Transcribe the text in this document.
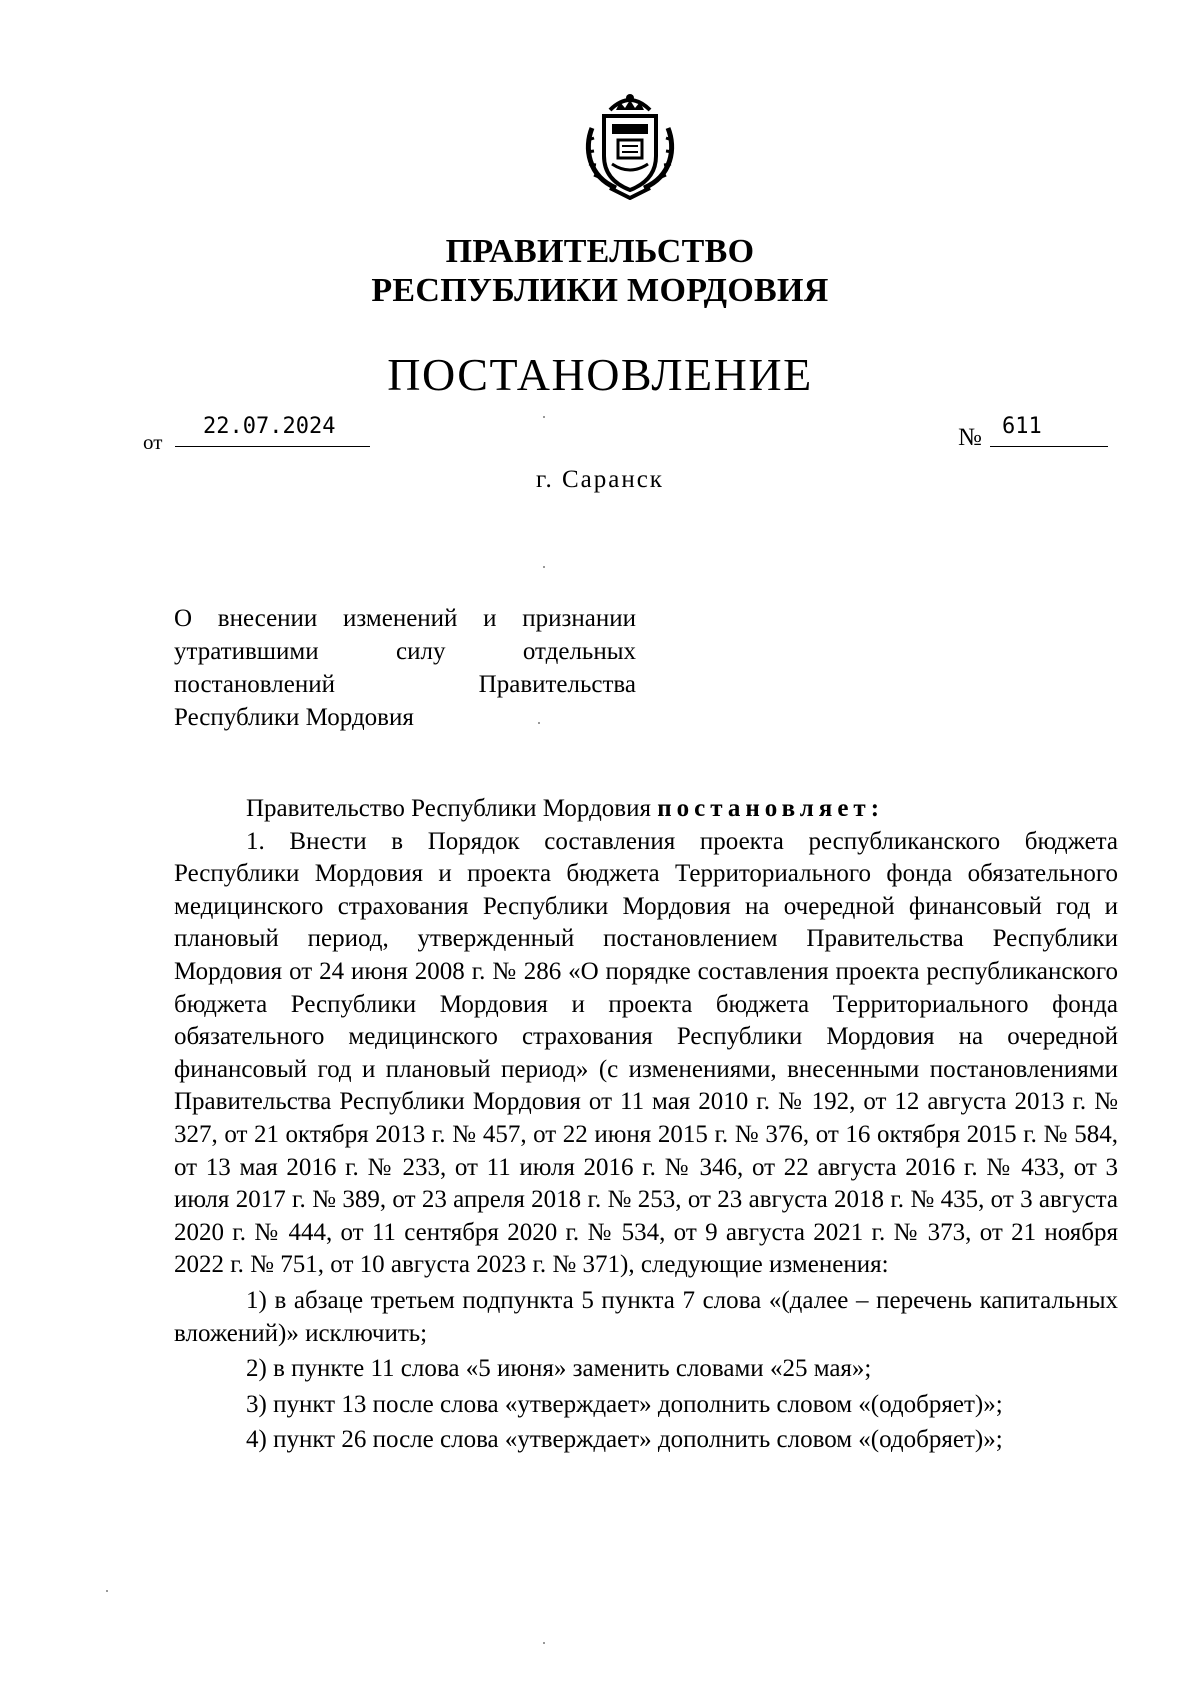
ПРАВИТЕЛЬСТВО
РЕСПУБЛИКИ МОРДОВИЯ
ПОСТАНОВЛЕНИЕ
от
22.07.2024	№ 611
г. Саранск
О внесении изменений и признании
утратившими силу отдельных
постановлений Правительства
Республики Мордовия

Правительство Республики Мордовия постановляет:

1. Внести в Порядок составления проекта республиканского бюджета Республики Мордовия и проекта бюджета Территориального фонда обязательного медицинского страхования Республики Мордовия на очередной финансовый год и плановый период, утвержденный постановлением Правительства Республики Мордовия от 24 июня 2008 г. № 286 «О порядке составления проекта республиканского бюджета Республики Мордовия и проекта бюджета Территориального фонда обязательного медицинского страхования Республики Мордовия на очередной финансовый год и плановый период» (с изменениями, внесенными постановлениями Правительства Республики Мордовия от 11 мая 2010 г. № 192, от 12 августа 2013 г. № 327, от 21 октября 2013 г. № 457, от 22 июня 2015 г. № 376, от 16 октября 2015 г. № 584, от 13 мая 2016 г. № 233, от 11 июля 2016 г. № 346, от 22 августа 2016 г. № 433, от 3 июля 2017 г. № 389, от 23 апреля 2018 г. № 253, от 23 августа 2018 г. № 435, от 3 августа 2020 г. № 444, от 11 сентября 2020 г. № 534, от 9 августа 2021 г. № 373, от 21 ноября 2022 г. № 751, от 10 августа 2023 г. № 371), следующие изменения:

1) в абзаце третьем подпункта 5 пункта 7 слова «(далее – перечень капитальных вложений)» исключить;

2) в пункте 11 слова «5 июня» заменить словами «25 мая»;

3) пункт 13 после слова «утверждает» дополнить словом «(одобряет)»;

4) пункт 26 после слова «утверждает» дополнить словом «(одобряет)»;
